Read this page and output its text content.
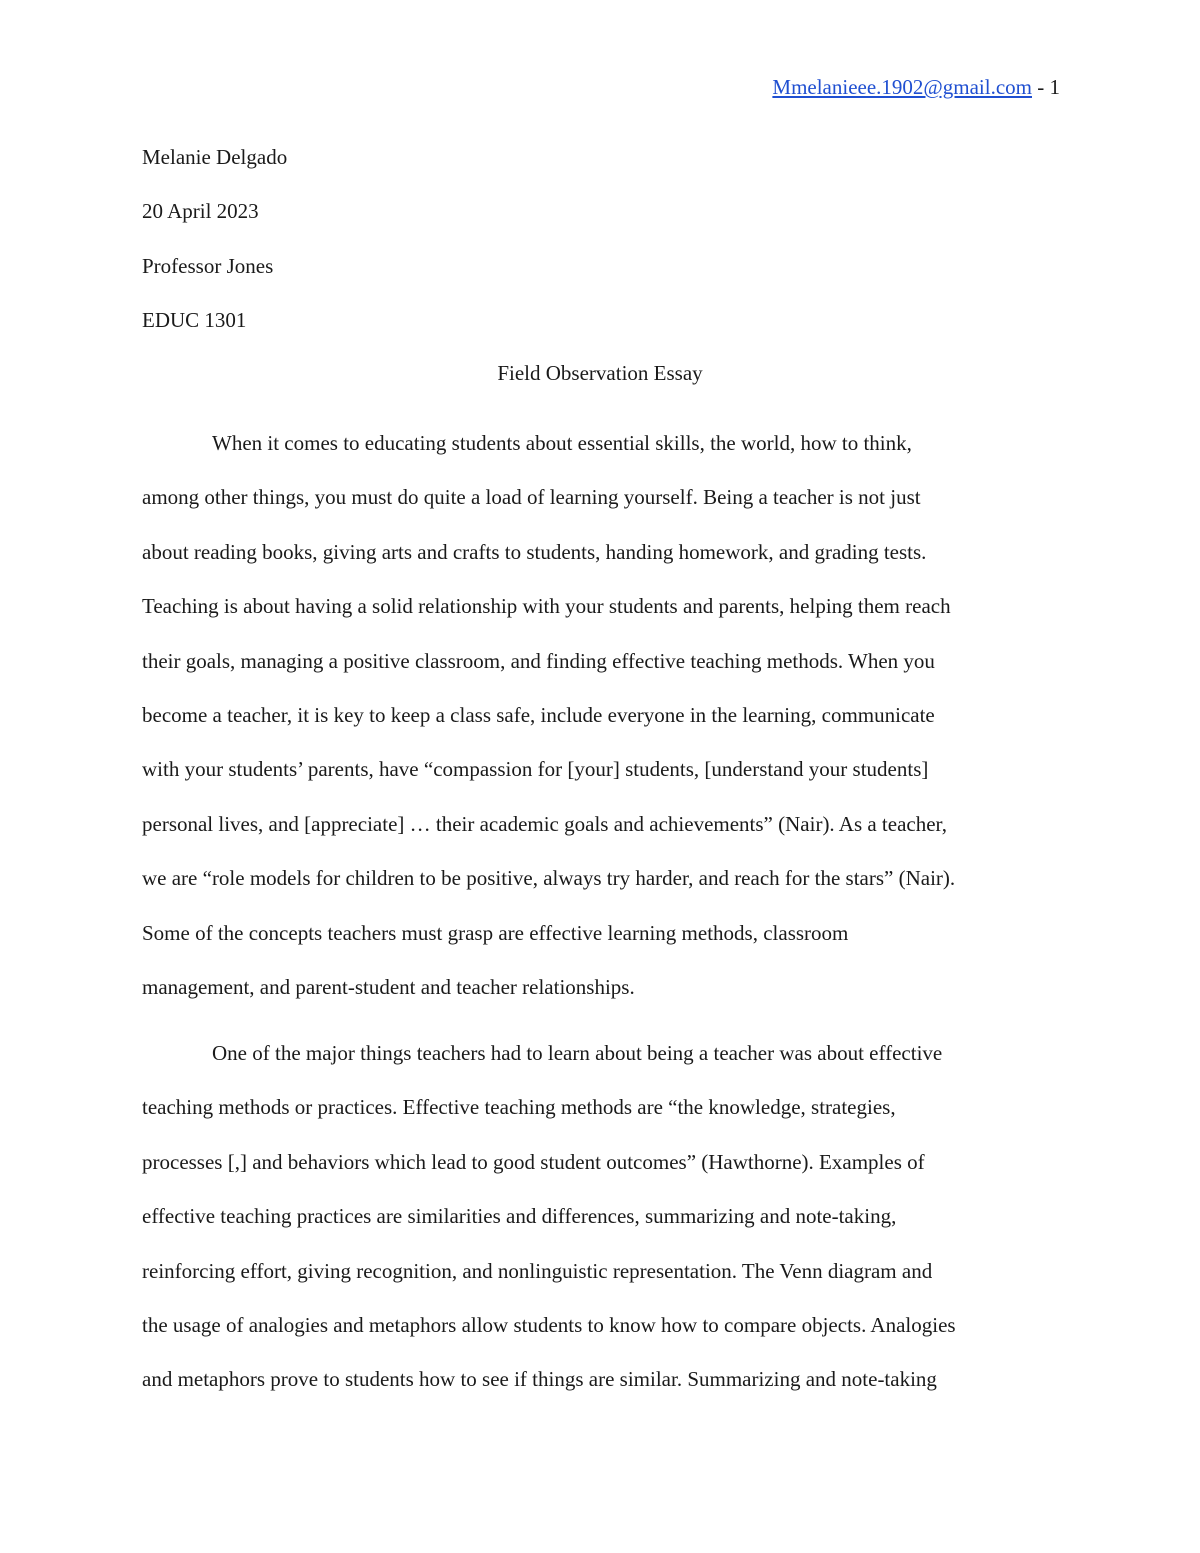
Mmelanieee.1902@gmail.com - 1
Melanie Delgado
20 April 2023
Professor Jones
EDUC 1301
Field Observation Essay
When it comes to educating students about essential skills, the world, how to think,
among other things, you must do quite a load of learning yourself. Being a teacher is not just
about reading books, giving arts and crafts to students, handing homework, and grading tests.
Teaching is about having a solid relationship with your students and parents, helping them reach
their goals, managing a positive classroom, and finding effective teaching methods. When you
become a teacher, it is key to keep a class safe, include everyone in the learning, communicate
with your students’ parents, have “compassion for [your] students, [understand your students]
personal lives, and [appreciate] … their academic goals and achievements” (Nair). As a teacher,
we are “role models for children to be positive, always try harder, and reach for the stars” (Nair).
Some of the concepts teachers must grasp are effective learning methods, classroom
management, and parent-student and teacher relationships.
One of the major things teachers had to learn about being a teacher was about effective
teaching methods or practices. Effective teaching methods are “the knowledge, strategies,
processes [,] and behaviors which lead to good student outcomes” (Hawthorne). Examples of
effective teaching practices are similarities and differences, summarizing and note-taking,
reinforcing effort, giving recognition, and nonlinguistic representation. The Venn diagram and
the usage of analogies and metaphors allow students to know how to compare objects. Analogies
and metaphors prove to students how to see if things are similar. Summarizing and note-taking
